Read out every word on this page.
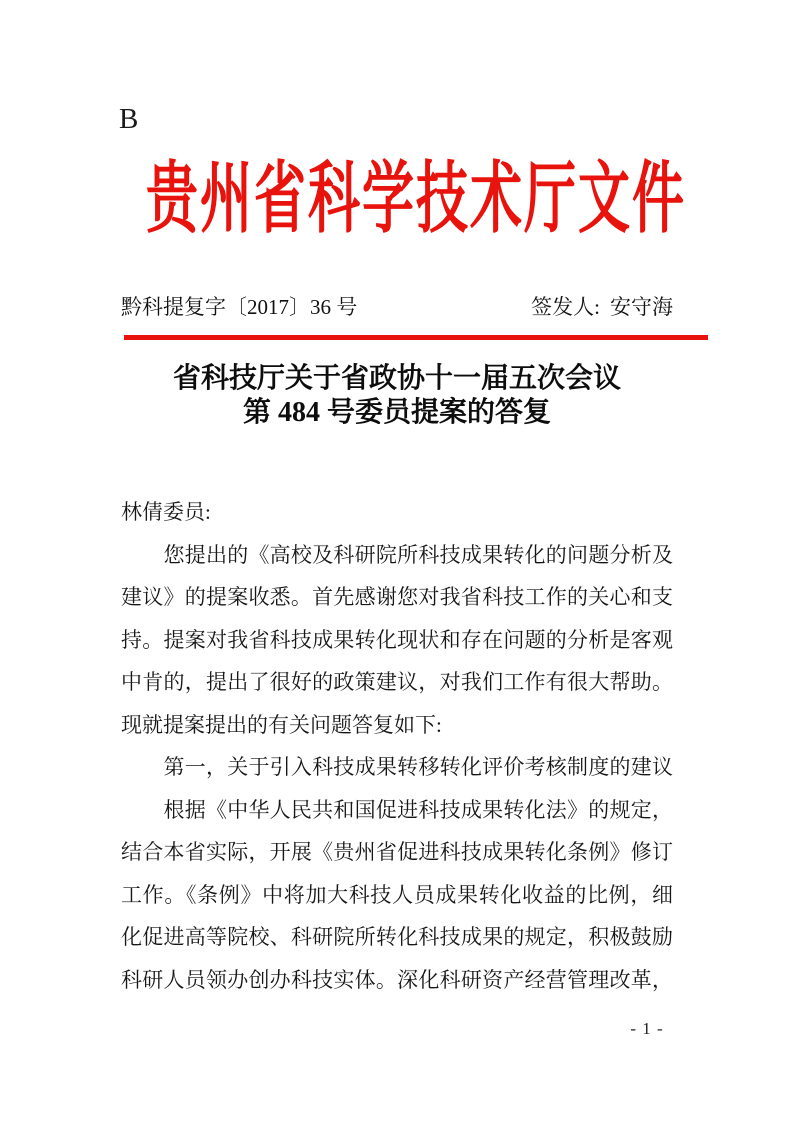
B
贵州省科学技术厅文件
黔科提复字〔2017〕36 号	签发人: 安守海
省科技厅关于省政协十一届五次会议
第 484 号委员提案的答复
林倩委员:
　　您提出的《高校及科研院所科技成果转化的问题分析及
建议》的提案收悉。首先感谢您对我省科技工作的关心和支
持。提案对我省科技成果转化现状和存在问题的分析是客观
中肯的，提出了很好的政策建议，对我们工作有很大帮助。
现就提案提出的有关问题答复如下:
　　第一，关于引入科技成果转移转化评价考核制度的建议
　　根据《中华人民共和国促进科技成果转化法》的规定，
结合本省实际，开展《贵州省促进科技成果转化条例》修订
工作。《条例》中将加大科技人员成果转化收益的比例，细
化促进高等院校、科研院所转化科技成果的规定，积极鼓励
科研人员领办创办科技实体。深化科研资产经营管理改革，
- 1 -
